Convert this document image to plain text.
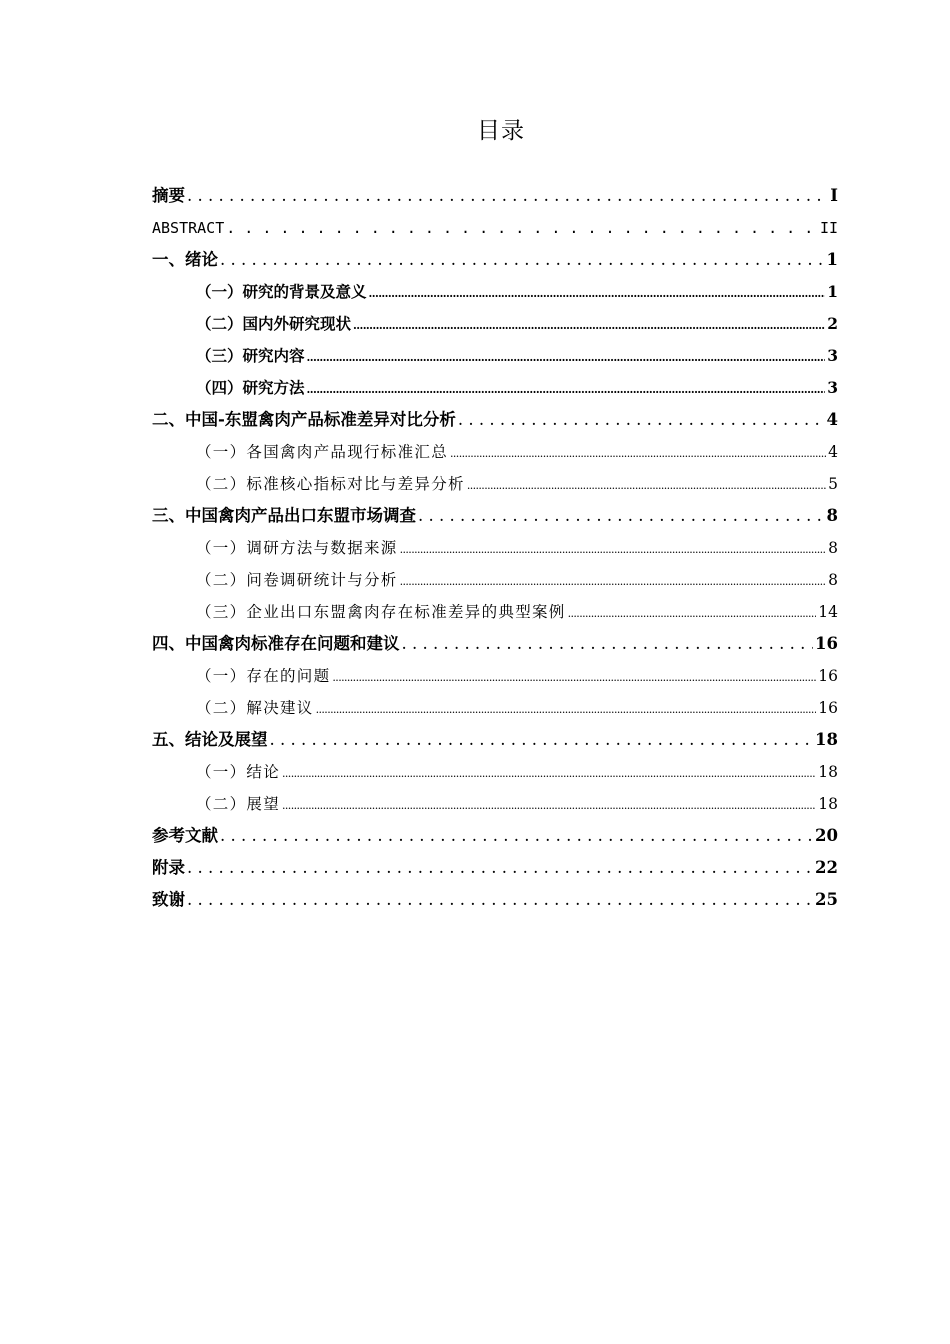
目录
摘要 . . .	I
ABSTRACT . . .	II
一、绪论 . . .	1
（一）研究的背景及意义 .....	1
（二）国内外研究现状 .....	2
（三）研究内容 .....	3
（四）研究方法 .....	3
二、中国-东盟禽肉产品标准差异对比分析 . . .	4
（一）各国禽肉产品现行标准汇总 .....	4
（二）标准核心指标对比与差异分析 .....	5
三、中国禽肉产品出口东盟市场调查 . . .	8
（一）调研方法与数据来源 .....	8
（二）问卷调研统计与分析 .....	8
（三）企业出口东盟禽肉存在标准差异的典型案例 .....	14
四、中国禽肉标准存在问题和建议 . . .	16
（一）存在的问题 .....	16
（二）解决建议 .....	16
五、结论及展望 . . .	18
（一）结论 .....	18
（二）展望 .....	18
参考文献 . . .	20
附录 . . .	22
致谢 . . .	25
